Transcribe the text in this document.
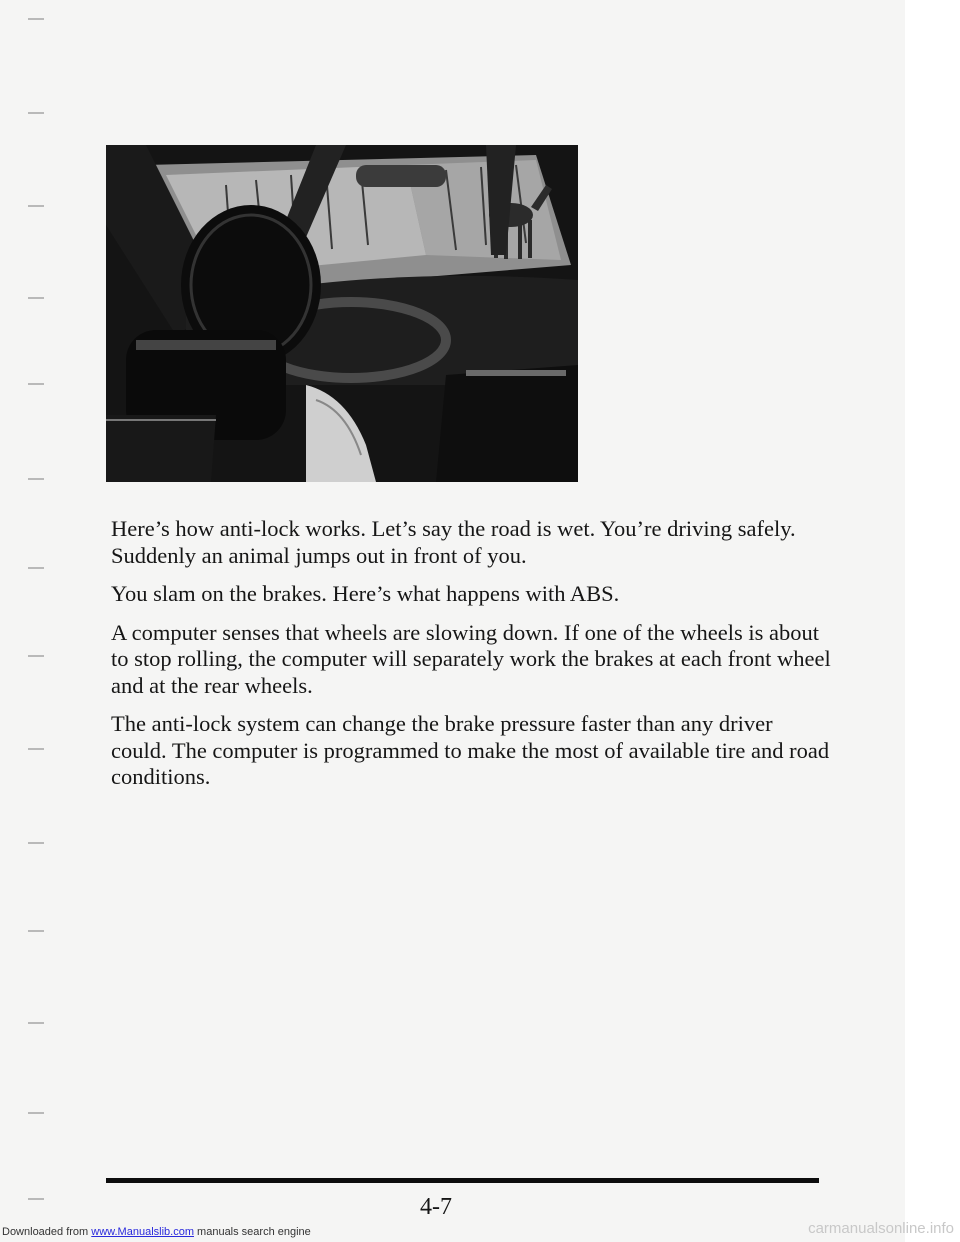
Here’s how anti-lock works. Let’s say the road is wet. You’re driving safely. Suddenly an animal jumps out in front of you.

You slam on the brakes. Here’s what happens with ABS.

A computer senses that wheels are slowing down. If one of the wheels is about to stop rolling, the computer will separately work the brakes at each front wheel and at the rear wheels.

The anti-lock system can change the brake pressure faster than any driver could. The computer is programmed to make the most of available tire and road conditions.

4-7
Downloaded from www.Manualslib.com manuals search engine	carmanualsonline.info
